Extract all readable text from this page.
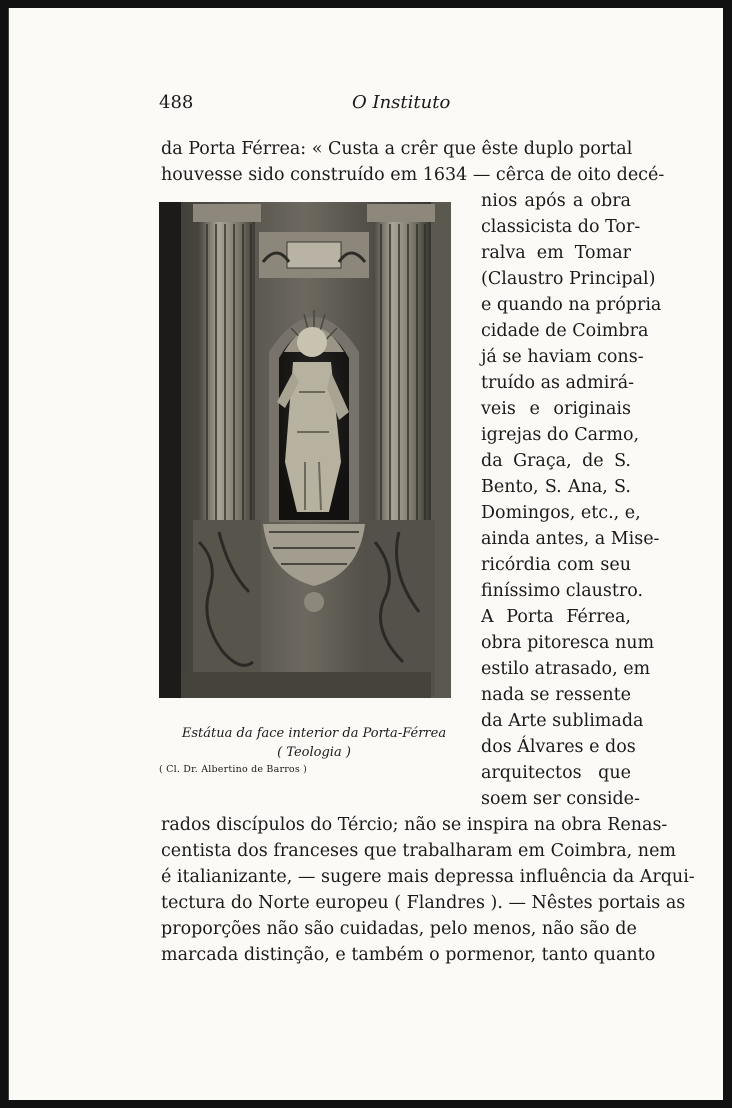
488	O Instituto
da Porta Férrea: « Custa a crêr que êste duplo portal
houvesse sido construído em 1634 — cêrca de oito decé-
nios após a obra
classicista do Tor-
ralva em Tomar
(Claustro Principal)
e quando na própria
cidade de Coimbra
já se haviam cons-
truído as admirá-
veis e originais
igrejas do Carmo,
da Graça, de S.
Bento, S. Ana, S.
Domingos, etc., e,
ainda antes, a Mise-
ricórdia com seu
finíssimo claustro.
A Porta Férrea,
obra pitoresca num
estilo atrasado, em
nada se ressente
da Arte sublimada
dos Álvares e dos
arquitectos que
soem ser conside-
rados discípulos do Tércio; não se inspira na obra Renas-
centista dos franceses que trabalharam em Coimbra, nem
é italianizante, — sugere mais depressa influência da Arqui-
tectura do Norte europeu ( Flandres ). — Nêstes portais as
proporções não são cuidadas, pelo menos, não são de
marcada distinção, e também o pormenor, tanto quanto
Estátua da face interior da Porta-Férrea
( Teologia )
( Cl. Dr. Albertino de Barros )
